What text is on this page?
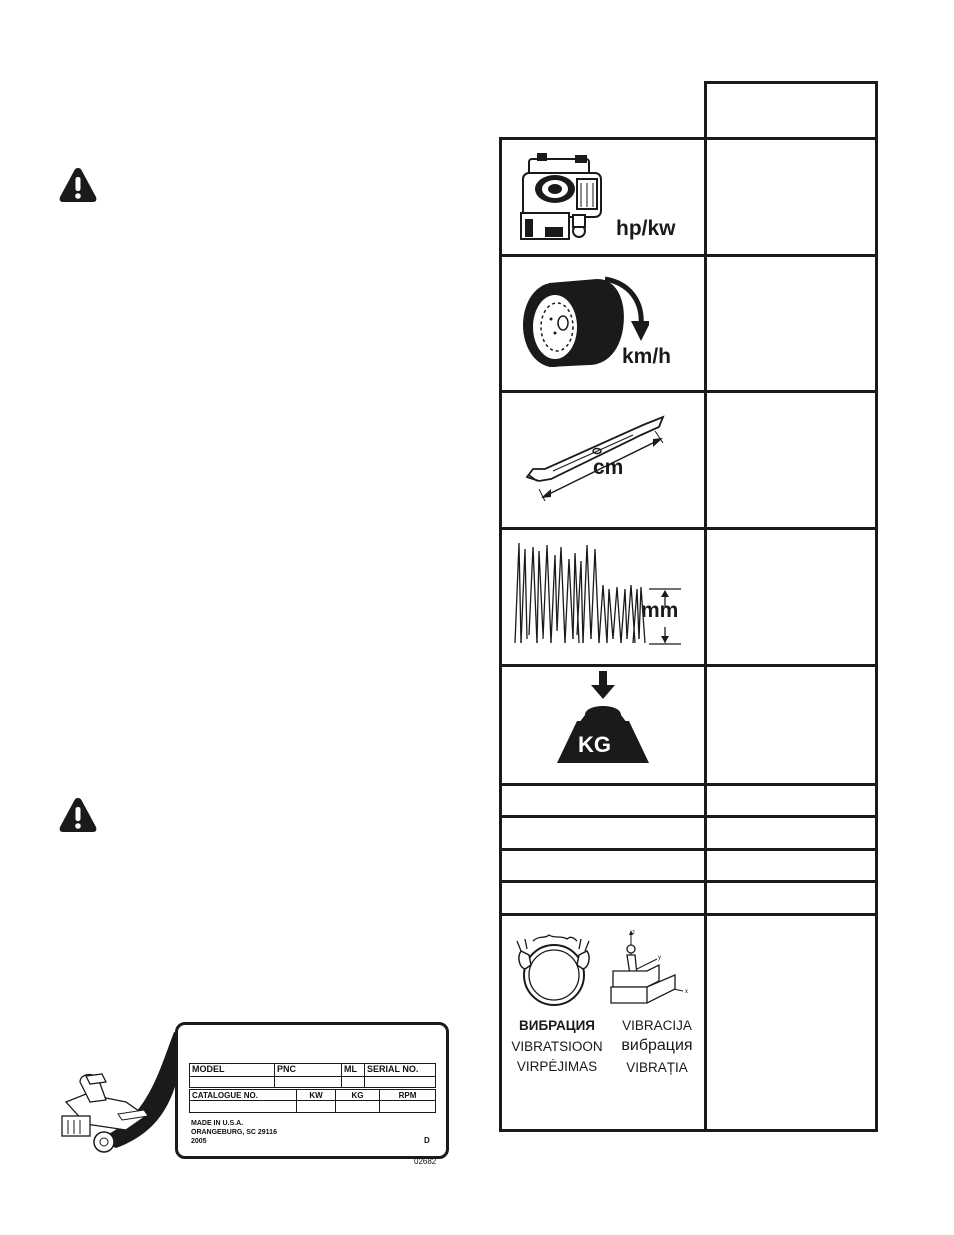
hp/kw
km/h
cm
mm
KG
z
y
x
ВИБРАЦИЯ
VIBRATSIOON
VIRPĖJIMAS
VIBRACIJA
вибрация
VIBRAȚIA
MODEL	PNC	ML	SERIAL NO.
CATALOGUE NO.	KW	KG	RPM
MADE IN U.S.A.
ORANGEBURG, SC 29116
2005	D
02682
